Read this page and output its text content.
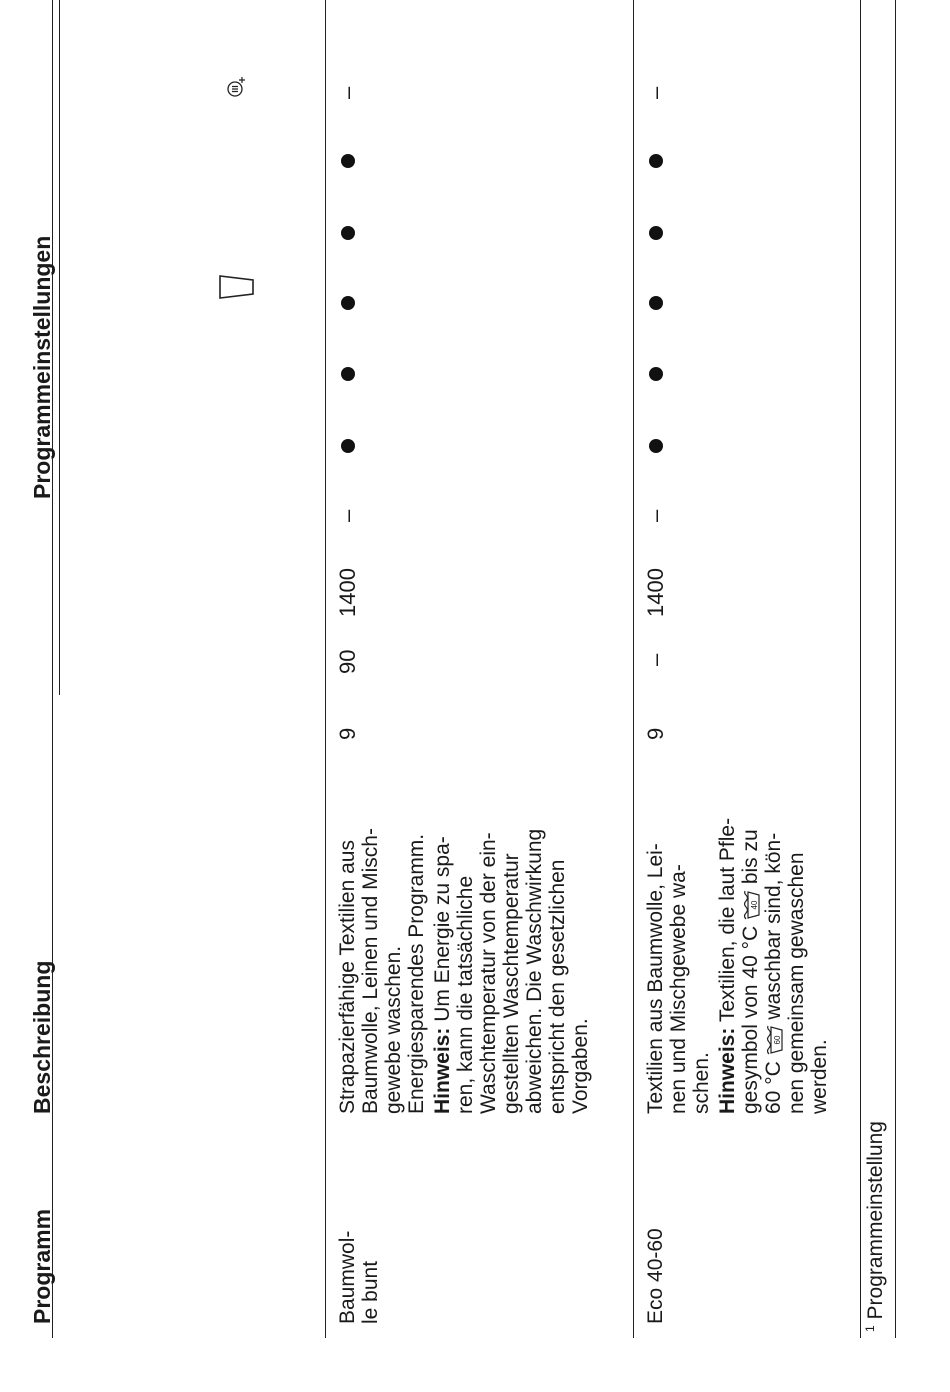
Programm
Beschreibung
Programmeinstellungen
Baumwol- le bunt
Strapazierfähige Textilien aus Baumwolle, Leinen und Misch- gewebe waschen. Energiesparendes Programm. Hinweis: Um Energie zu spa- ren, kann die tatsächliche Waschtemperatur von der ein- gestellten Waschtemperatur abweichen. Die Waschwirkung entspricht den gesetzlichen Vorgaben.
9
90
1400
–
–
Eco 40-60
Textilien aus Baumwolle, Lei- nen und Mischgewebe wa- schen. Hinweis: Textilien, die laut Pfle- gesymbol von 40 °C
40
bis zu
60 °C
60
waschbar sind, kön- nen gemeinsam gewaschen werden.
9
–
1400
–
–
$^1$ Programmeinstellung
